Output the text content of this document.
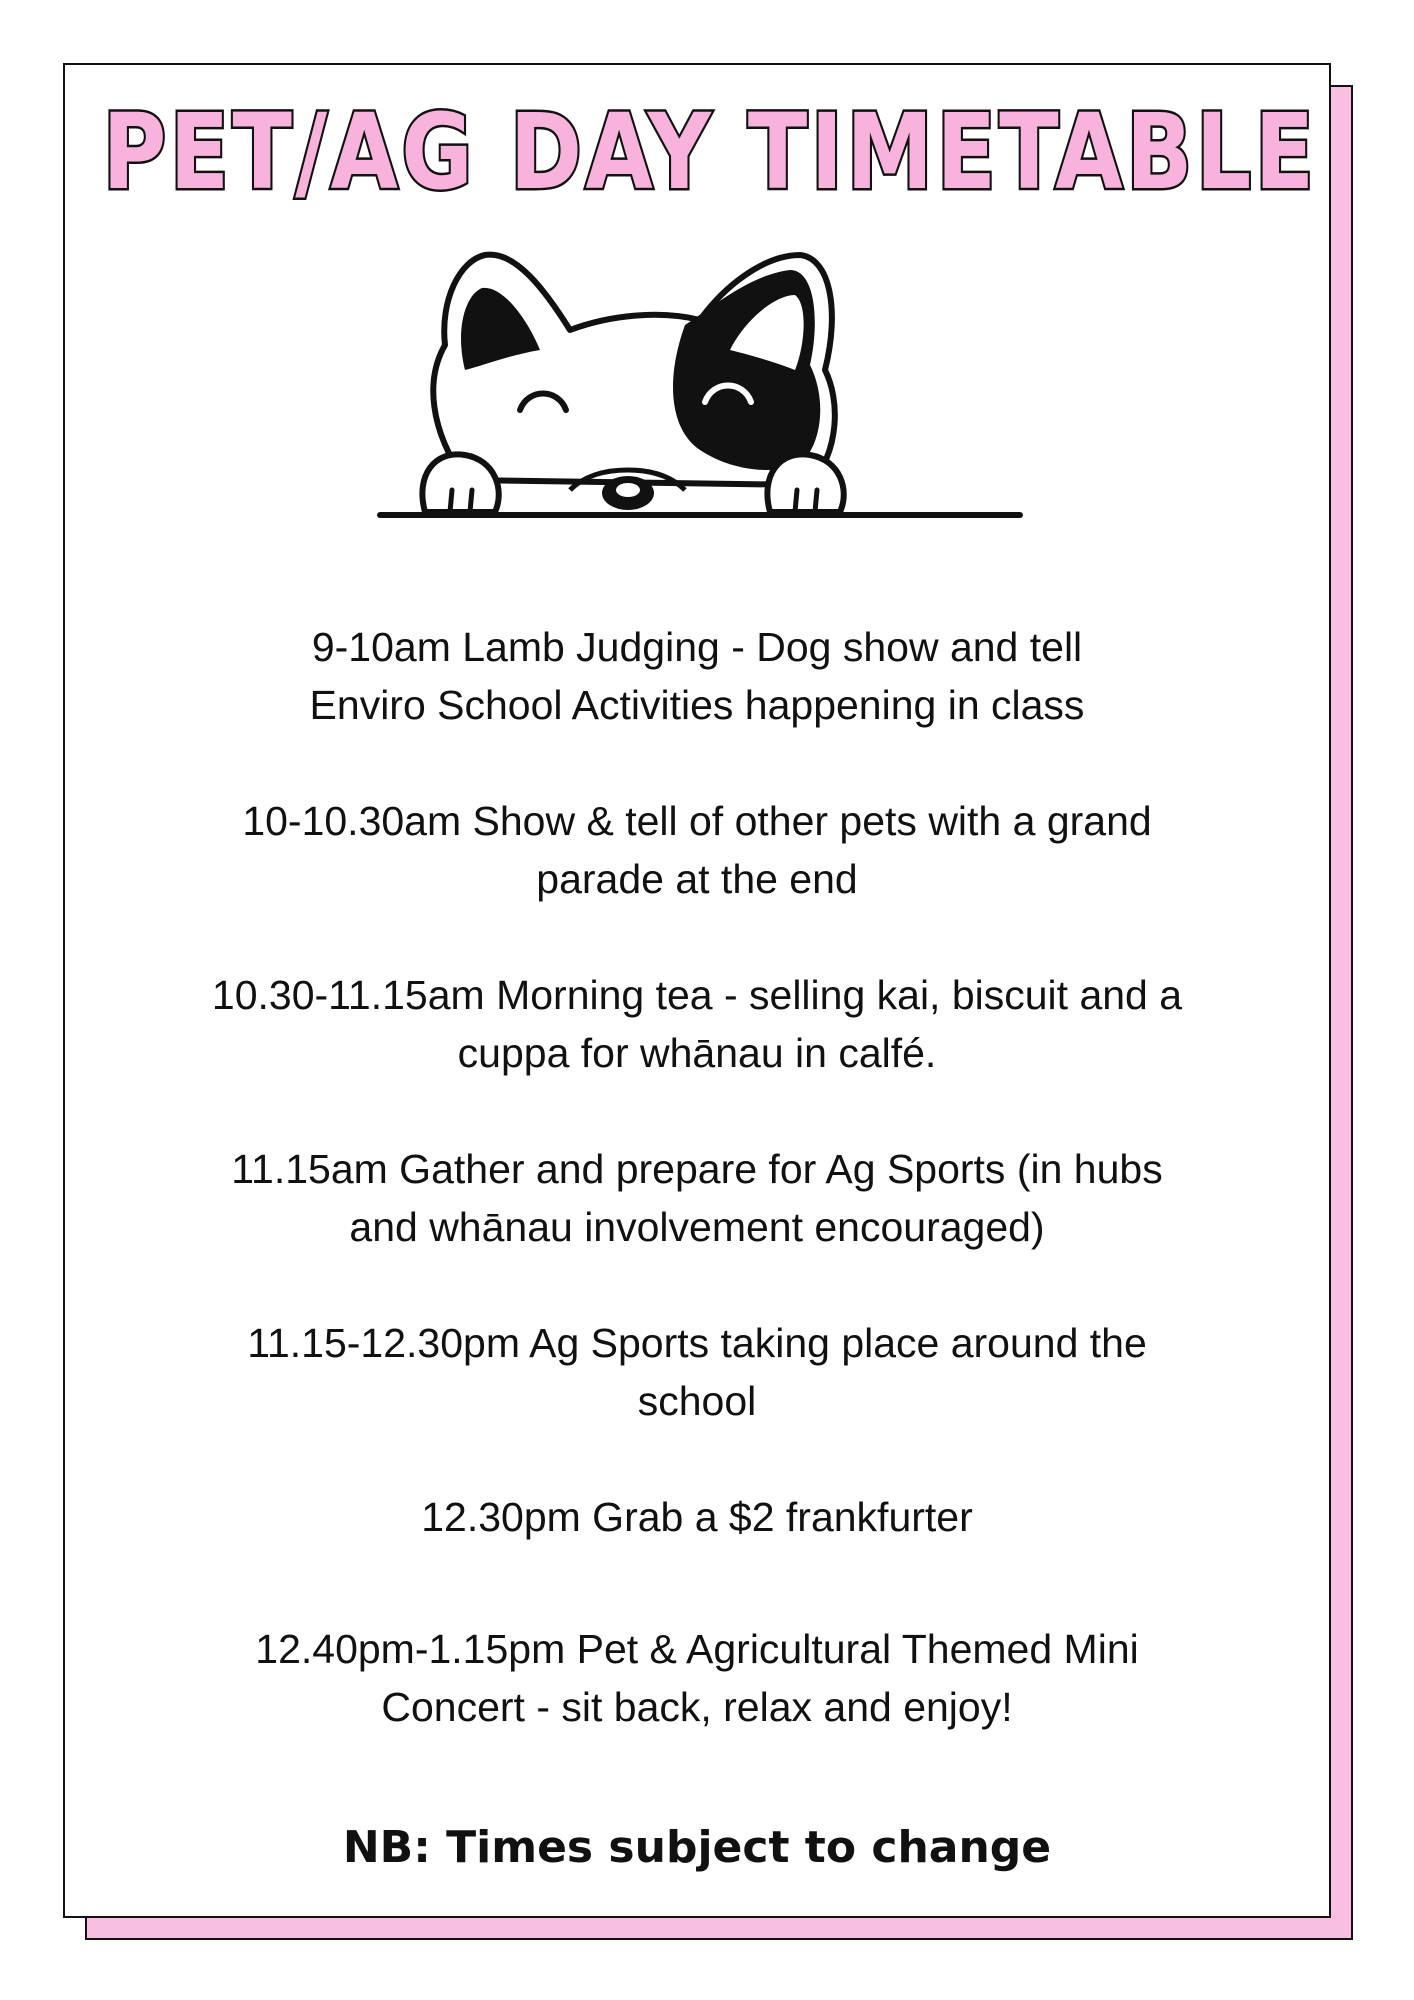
PET/AG DAY TIMETABLE
9-10am Lamb Judging - Dog show and tell
Enviro School Activities happening in class
10-10.30am Show & tell of other pets with a grand
parade at the end
10.30-11.15am Morning tea - selling kai, biscuit and a
cuppa for whānau in calfé.
11.15am Gather and prepare for Ag Sports (in hubs
and whānau involvement encouraged)
11.15-12.30pm Ag Sports taking place around the
school
12.30pm Grab a $2 frankfurter
12.40pm-1.15pm Pet & Agricultural Themed Mini
Concert - sit back, relax and enjoy!
NB: Times subject to change
